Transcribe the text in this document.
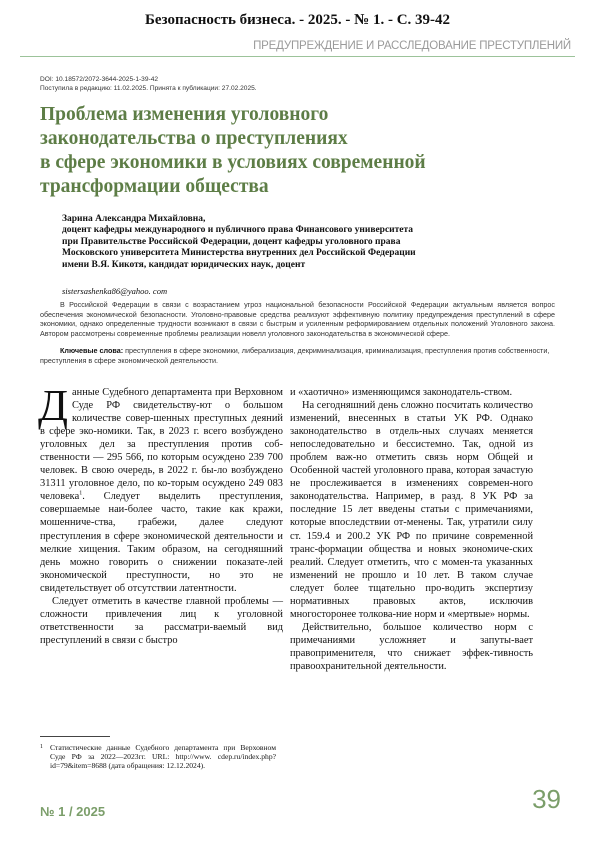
Безопасность бизнеса. - 2025. - № 1. - С. 39-42
ПРЕДУПРЕЖДЕНИЕ И РАССЛЕДОВАНИЕ ПРЕСТУПЛЕНИЙ
DOI: 10.18572/2072-3644-2025-1-39-42
Поступила в редакцию: 11.02.2025. Принята к публикации: 27.02.2025.
Проблема изменения уголовного
законодательства о преступлениях
в сфере экономики в условиях современной
трансформации общества
Зарина Александра Михайловна,
доцент кафедры международного и публичного права Финансового университета
при Правительстве Российской Федерации, доцент кафедры уголовного права
Московского университета Министерства внутренних дел Российской Федерации
имени В.Я. Кикотя, кандидат юридических наук, доцент
sistersashenka86@yahoo. com

В Российской Федерации в связи с возрастанием угроз национальной безопасности Российской Федерации актуальным является вопрос обеспечения экономической безопасности. Уголовно-правовые средства реализуют эффективную политику предупреждения преступлений в сфере экономики, однако определенные трудности возникают в связи с быстрым и усиленным реформированием отдельных положений Уголовного закона. Автором рассмотрены современные проблемы реализации новелл уголовного законодательства в экономической сфере.

Ключевые слова: преступления в сфере экономики, либерализация, декриминализация, криминализация, преступления против собственности, преступления в сфере экономической деятельности.

Данные Судебного департамента при Верховном Суде РФ свидетельству-ют о большом количестве совер-шенных преступных деяний в сфере эко-номики. Так, в 2023 г. всего возбуждено уголовных дел за преступления против соб-ственности — 295 566, по которым осуждено 239 700 человек. В свою очередь, в 2022 г. бы-ло возбуждено 31311 уголовное дело, по ко-торым осуждено 249 083 человека$^1$. Следует выделить преступления, совершаемые наи-более часто, такие как кражи, мошенниче-ства, грабежи, далее следуют преступления в сфере экономической деятельности и мелкие хищения. Таким образом, на сегодняшний день можно говорить о снижении показате-лей экономической преступности, но это не свидетельствует об отсутствии латентности.

Следует отметить в качестве главной проблемы — сложности привлечения лиц к уголовной ответственности за рассматри-ваемый вид преступлений в связи с быстро

и «хаотично» изменяющимся законодатель-ством.

На сегодняшний день сложно посчитать количество изменений, внесенных в статьи УК РФ. Однако законодательство в отдель-ных случаях меняется непоследовательно и бессистемно. Так, одной из проблем важ-но отметить связь норм Общей и Особенной частей уголовного права, которая зачастую не прослеживается в изменениях современ-ного законодательства. Например, в разд. 8 УК РФ за последние 15 лет введены статьи с примечаниями, которые впоследствии от-менены. Так, утратили силу ст. 159.4 и 200.2 УК РФ по причине современной транс-формации общества и новых экономиче-ских реалий. Следует отметить, что с момен-та указанных изменений не прошло и 10 лет. В таком случае следует более тщательно про-водить экспертизу нормативных правовых актов, исключив многосторонее толкова-ние норм и «мертвые» нормы.

Действительно, большое количество норм с примечаниями усложняет и запуты-вает правоприменителя, что снижает эффек-тивность правоохранительной деятельности.

1 Статистические данные Судебного департамента при Верховном Суде РФ за 2022—2023гг. URL: http://www. cdep.ru/index.php?id=79&item=8688 (дата обращения: 12.12.2024).
№ 1 / 2025	39
